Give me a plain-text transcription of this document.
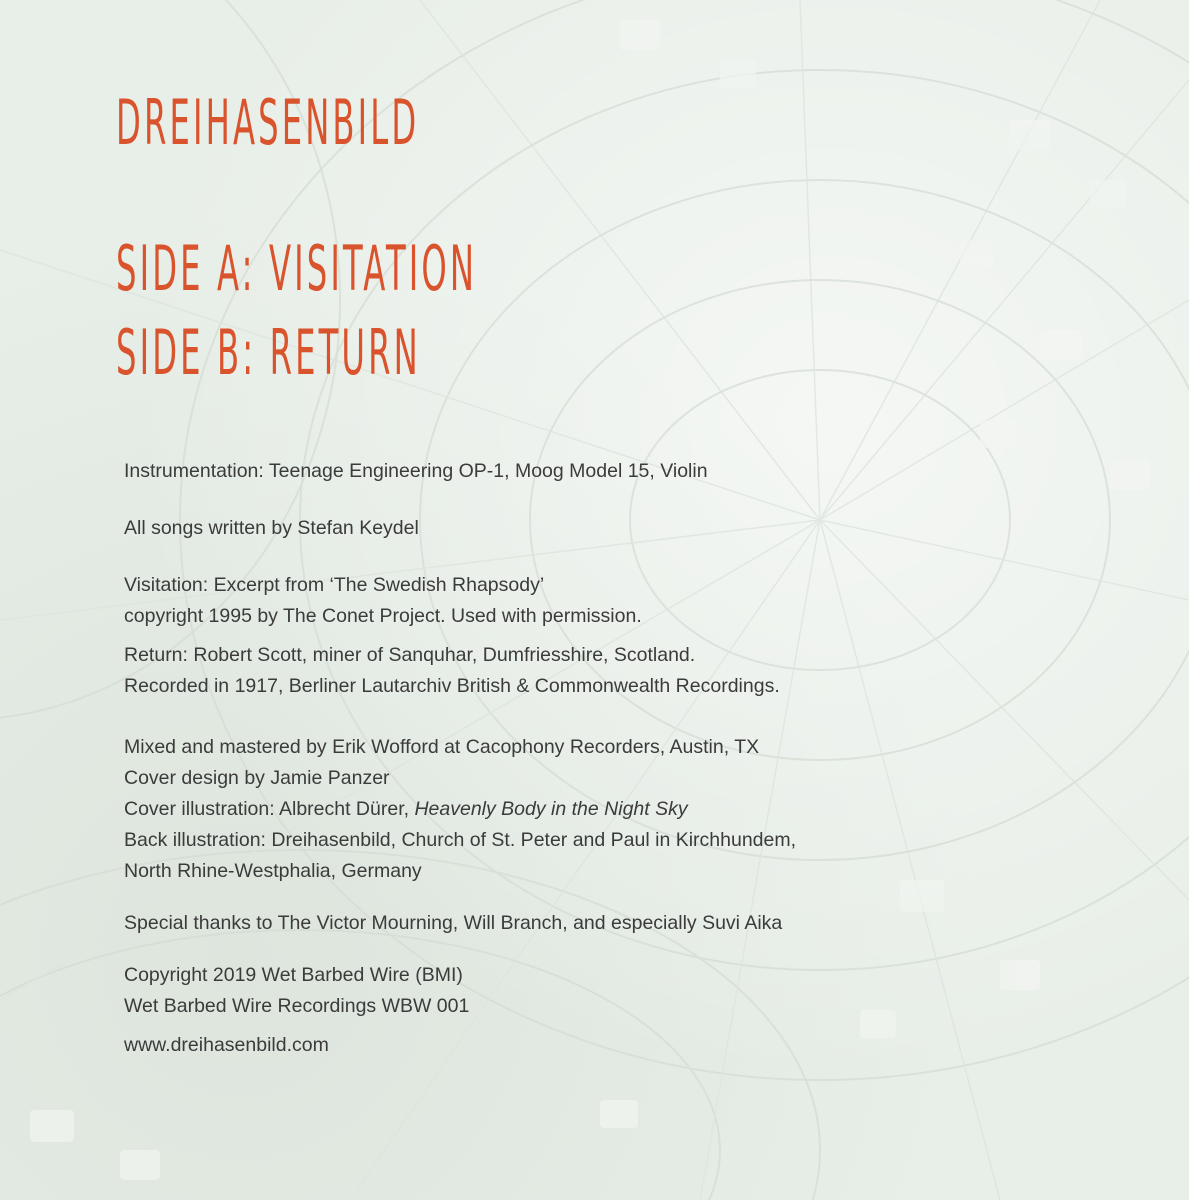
DREIHASENBILD
SIDE A: VISITATION
SIDE B: RETURN
Instrumentation: Teenage Engineering OP-1, Moog Model 15, Violin
All songs written by Stefan Keydel
Visitation: Excerpt from ‘The Swedish Rhapsody’
copyright 1995 by The Conet Project. Used with permission.
Return: Robert Scott, miner of Sanquhar, Dumfriesshire, Scotland.
Recorded in 1917, Berliner Lautarchiv British & Commonwealth Recordings.
Mixed and mastered by Erik Wofford at Cacophony Recorders, Austin, TX
Cover design by Jamie Panzer
Cover illustration: Albrecht Dürer, Heavenly Body in the Night Sky
Back illustration: Dreihasenbild, Church of St. Peter and Paul in Kirchhundem,
North Rhine-Westphalia, Germany
Special thanks to The Victor Mourning, Will Branch, and especially Suvi Aika
Copyright 2019 Wet Barbed Wire (BMI)
Wet Barbed Wire Recordings WBW 001
www.dreihasenbild.com
